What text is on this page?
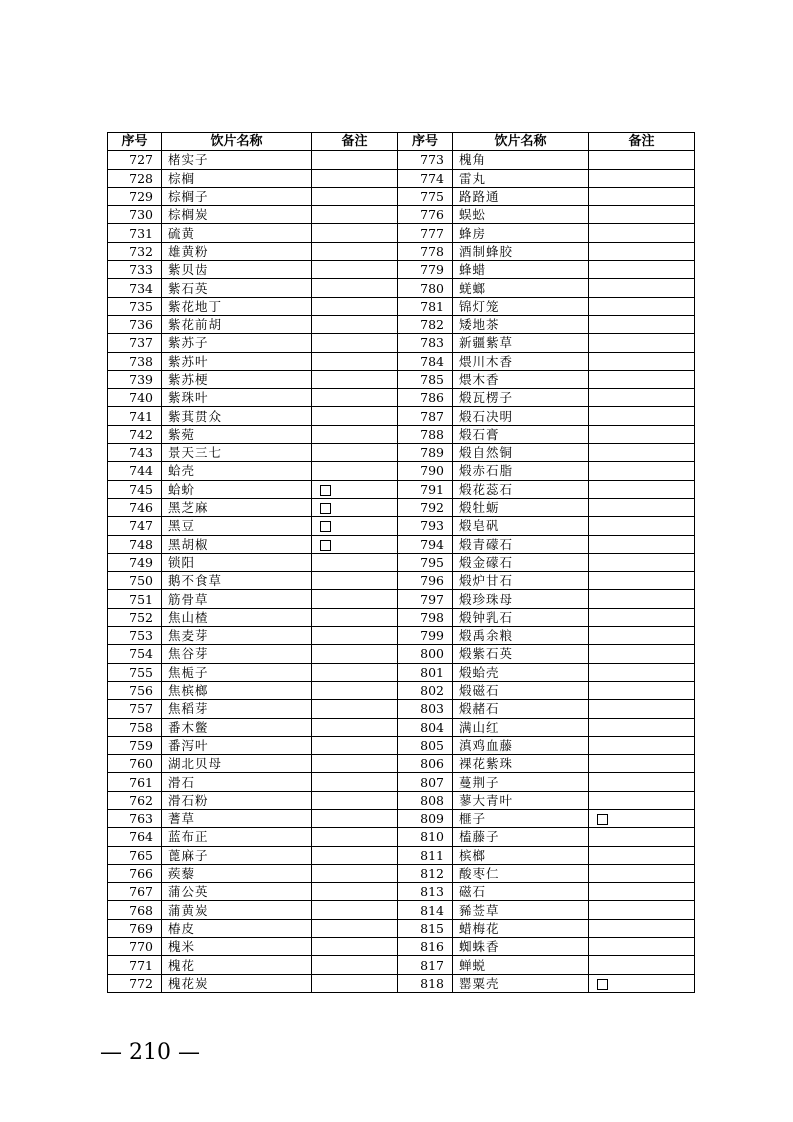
序号	饮片名称	备注	序号	饮片名称	备注
727	楮实子		773	槐角	
728	棕榈		774	雷丸	
729	棕榈子		775	路路通	
730	棕榈炭		776	蜈蚣	
731	硫黄		777	蜂房	
732	雄黄粉		778	酒制蜂胶	
733	紫贝齿		779	蜂蜡	
734	紫石英		780	蜣螂	
735	紫花地丁		781	锦灯笼	
736	紫花前胡		782	矮地茶	
737	紫苏子		783	新疆紫草	
738	紫苏叶		784	煨川木香	
739	紫苏梗		785	煨木香	
740	紫珠叶		786	煅瓦楞子	
741	紫萁贯众		787	煅石决明	
742	紫菀		788	煅石膏	
743	景天三七		789	煅自然铜	
744	蛤壳		790	煅赤石脂	
745	蛤蚧		791	煅花蕊石	
746	黑芝麻		792	煅牡蛎	
747	黑豆		793	煅皂矾	
748	黑胡椒		794	煅青礞石	
749	锁阳		795	煅金礞石	
750	鹅不食草		796	煅炉甘石	
751	筋骨草		797	煅珍珠母	
752	焦山楂		798	煅钟乳石	
753	焦麦芽		799	煅禹余粮	
754	焦谷芽		800	煅紫石英	
755	焦栀子		801	煅蛤壳	
756	焦槟榔		802	煅磁石	
757	焦稻芽		803	煅赭石	
758	番木鳖		804	满山红	
759	番泻叶		805	滇鸡血藤	
760	湖北贝母		806	裸花紫珠	
761	滑石		807	蔓荆子	
762	滑石粉		808	蓼大青叶	
763	蓍草		809	榧子	
764	蓝布正		810	榼藤子	
765	蓖麻子		811	槟榔	
766	蒺藜		812	酸枣仁	
767	蒲公英		813	磁石	
768	蒲黄炭		814	豨莶草	
769	椿皮		815	蜡梅花	
770	槐米		816	蜘蛛香	
771	槐花		817	蝉蜕	
772	槐花炭		818	罂粟壳	
— 210 —
